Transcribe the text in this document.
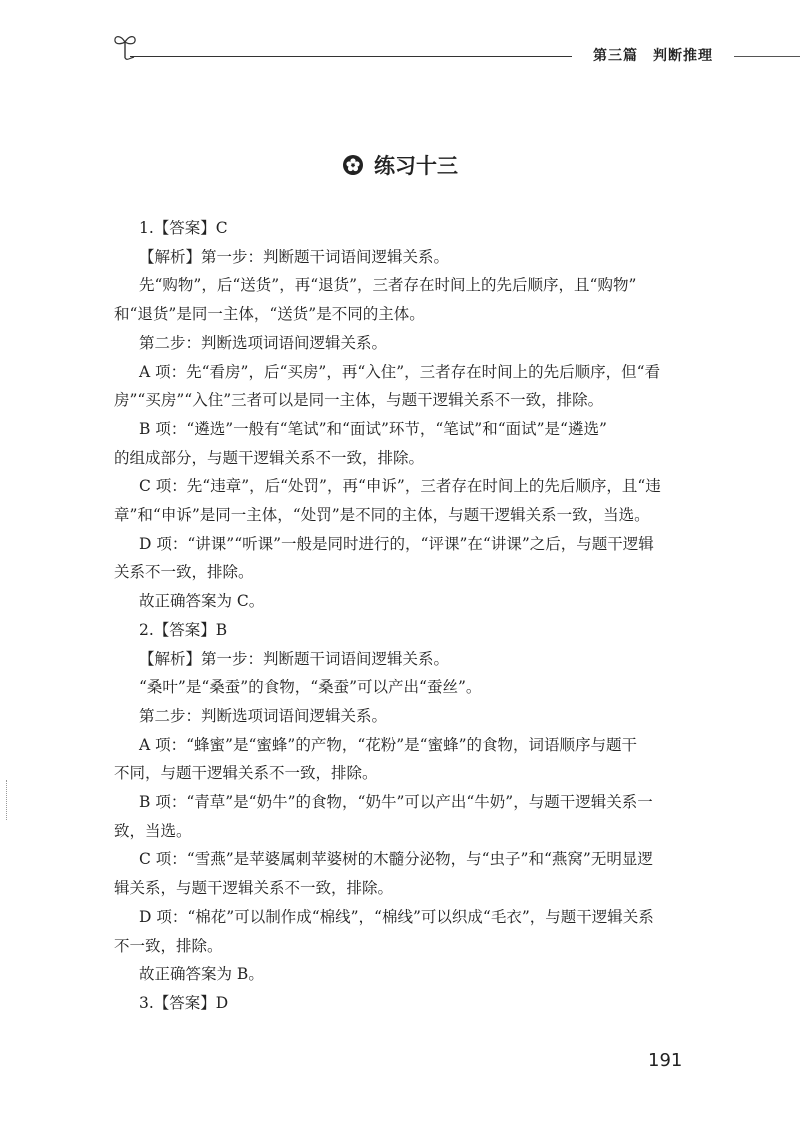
第三篇　判断推理
练习十三

1.【答案】C

【解析】第一步：判断题干词语间逻辑关系。

先“购物”，后“送货”，再“退货”，三者存在时间上的先后顺序，且“购物”

和“退货”是同一主体，“送货”是不同的主体。

第二步：判断选项词语间逻辑关系。

A 项：先“看房”，后“买房”，再“入住”，三者存在时间上的先后顺序，但“看

房”“买房”“入住”三者可以是同一主体，与题干逻辑关系不一致，排除。

B 项：“遴选”一般有“笔试”和“面试”环节，“笔试”和“面试”是“遴选”

的组成部分，与题干逻辑关系不一致，排除。

C 项：先“违章”，后“处罚”，再“申诉”，三者存在时间上的先后顺序，且“违

章”和“申诉”是同一主体，“处罚”是不同的主体，与题干逻辑关系一致，当选。

D 项：“讲课”“听课”一般是同时进行的，“评课”在“讲课”之后，与题干逻辑

关系不一致，排除。

故正确答案为 C。

2.【答案】B

【解析】第一步：判断题干词语间逻辑关系。

“桑叶”是“桑蚕”的食物，“桑蚕”可以产出“蚕丝”。

第二步：判断选项词语间逻辑关系。

A 项：“蜂蜜”是“蜜蜂”的产物，“花粉”是“蜜蜂”的食物，词语顺序与题干

不同，与题干逻辑关系不一致，排除。

B 项：“青草”是“奶牛”的食物，“奶牛”可以产出“牛奶”，与题干逻辑关系一

致，当选。

C 项：“雪燕”是苹婆属刺苹婆树的木髓分泌物，与“虫子”和“燕窝”无明显逻

辑关系，与题干逻辑关系不一致，排除。

D 项：“棉花”可以制作成“棉线”，“棉线”可以织成“毛衣”，与题干逻辑关系

不一致，排除。

故正确答案为 B。

3.【答案】D

191
